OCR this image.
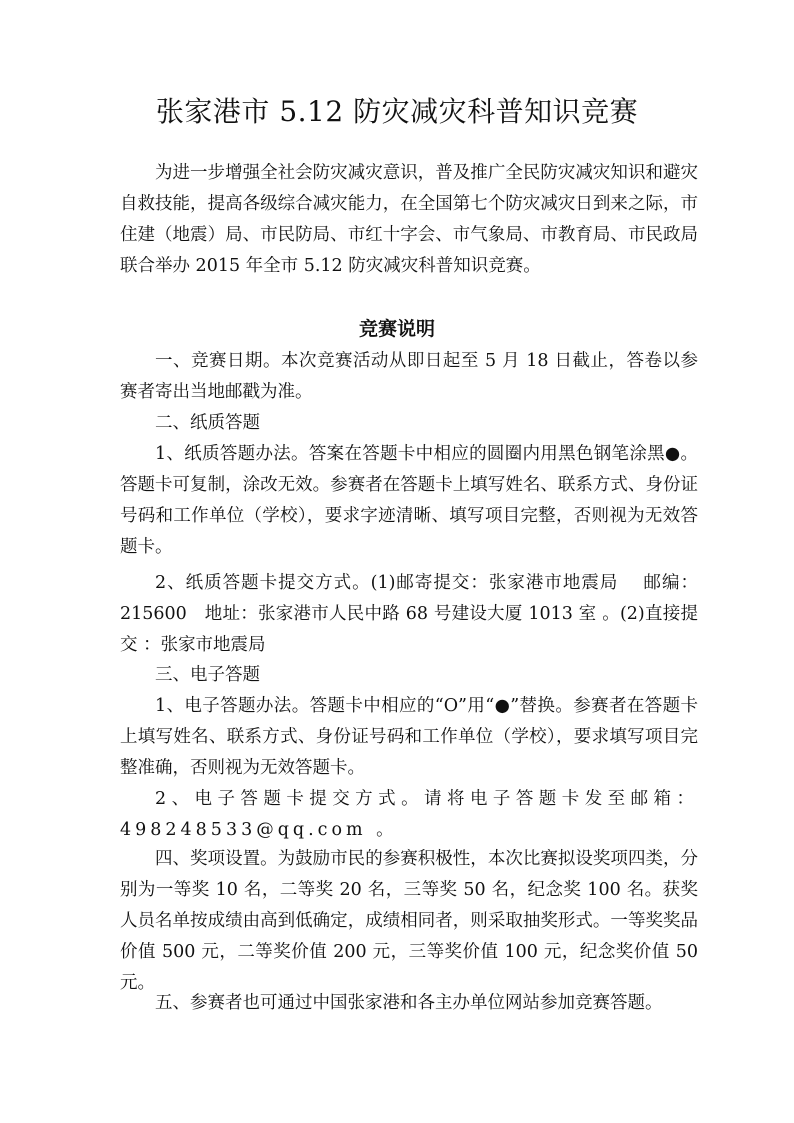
张家港市 5.12 防灾减灾科普知识竞赛

为进一步增强全社会防灾减灾意识，普及推广全民防灾减灾知识和避灾自救技能，提高各级综合减灾能力，在全国第七个防灾减灾日到来之际，市住建（地震）局、市民防局、市红十字会、市气象局、市教育局、市民政局联合举办 2015 年全市 5.12 防灾减灾科普知识竞赛。

竞赛说明

一、竞赛日期。本次竞赛活动从即日起至 5 月 18 日截止，答卷以参赛者寄出当地邮戳为准。

二、纸质答题

1、纸质答题办法。答案在答题卡中相应的圆圈内用黑色钢笔涂黑●。答题卡可复制，涂改无效。参赛者在答题卡上填写姓名、联系方式、身份证号码和工作单位（学校），要求字迹清晰、填写项目完整，否则视为无效答题卡。

2、纸质答题卡提交方式。(1)邮寄提交：张家港市地震局　 邮编：215600　地址：张家港市人民中路 68 号建设大厦 1013 室 。(2)直接提交 ：张家市地震局

三、电子答题

1、电子答题办法。答题卡中相应的“O”用“●”替换。参赛者在答题卡上填写姓名、联系方式、身份证号码和工作单位（学校），要求填写项目完整准确，否则视为无效答题卡。

2、电子答题卡提交方式。请将电子答题卡发至邮箱：498248533@qq.com 。

四、奖项设置。为鼓励市民的参赛积极性，本次比赛拟设奖项四类，分别为一等奖 10 名，二等奖 20 名，三等奖 50 名，纪念奖 100 名。获奖人员名单按成绩由高到低确定，成绩相同者，则采取抽奖形式。一等奖奖品价值 500 元，二等奖价值 200 元，三等奖价值 100 元，纪念奖价值 50 元。

五、参赛者也可通过中国张家港和各主办单位网站参加竞赛答题。
